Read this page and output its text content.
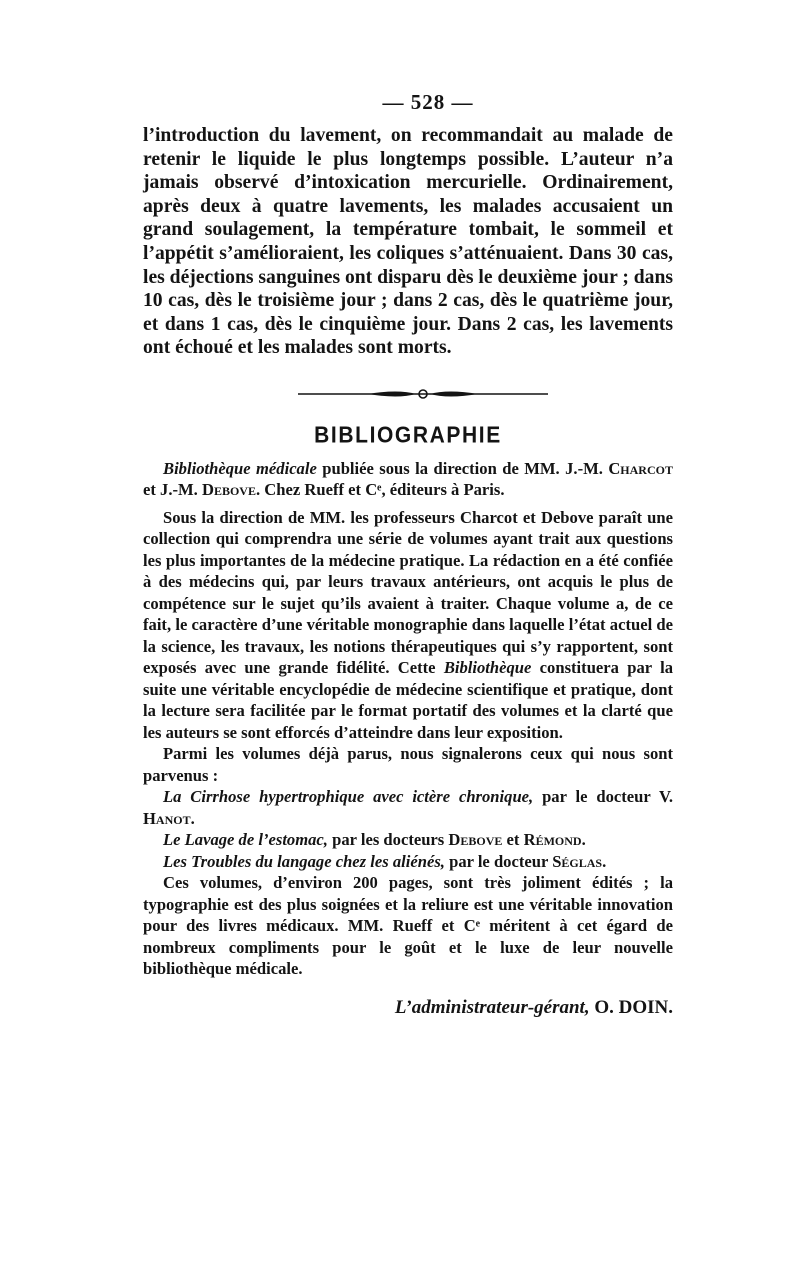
— 528 —

l’introduction du lavement, on recommandait au malade de retenir le liquide le plus longtemps possible. L’auteur n’a jamais observé d’intoxication mercurielle. Ordinairement, après deux à quatre lavements, les malades accusaient un grand soulagement, la température tombait, le sommeil et l’appétit s’amélioraient, les coliques s’atténuaient. Dans 30 cas, les déjections sanguines ont disparu dès le deuxième jour ; dans 10 cas, dès le troisième jour ; dans 2 cas, dès le quatrième jour, et dans 1 cas, dès le cinquième jour. Dans 2 cas, les lavements ont échoué et les malades sont morts.

BIBLIOGRAPHIE

Bibliothèque médicale publiée sous la direction de MM. J.-M. Charcot et J.-M. Debove. Chez Rueff et Cᵉ, éditeurs à Paris.

Sous la direction de MM. les professeurs Charcot et Debove paraît une collection qui comprendra une série de volumes ayant trait aux questions les plus importantes de la médecine pratique. La rédaction en a été confiée à des médecins qui, par leurs travaux antérieurs, ont acquis le plus de compétence sur le sujet qu’ils avaient à traiter. Chaque volume a, de ce fait, le caractère d’une véritable monographie dans laquelle l’état actuel de la science, les travaux, les notions thérapeutiques qui s’y rapportent, sont exposés avec une grande fidélité. Cette Bibliothèque constituera par la suite une véritable encyclopédie de médecine scientifique et pratique, dont la lecture sera facilitée par le format portatif des volumes et la clarté que les auteurs se sont efforcés d’atteindre dans leur exposition.

Parmi les volumes déjà parus, nous signalerons ceux qui nous sont parvenus :

La Cirrhose hypertrophique avec ictère chronique, par le docteur V. Hanot.

Le Lavage de l’estomac, par les docteurs Debove et Rémond.

Les Troubles du langage chez les aliénés, par le docteur Séglas.

Ces volumes, d’environ 200 pages, sont très joliment édités ; la typographie est des plus soignées et la reliure est une véritable innovation pour des livres médicaux. MM. Rueff et Cᵉ méritent à cet égard de nombreux compliments pour le goût et le luxe de leur nouvelle bibliothèque médicale.

L’administrateur-gérant, O. DOIN.
